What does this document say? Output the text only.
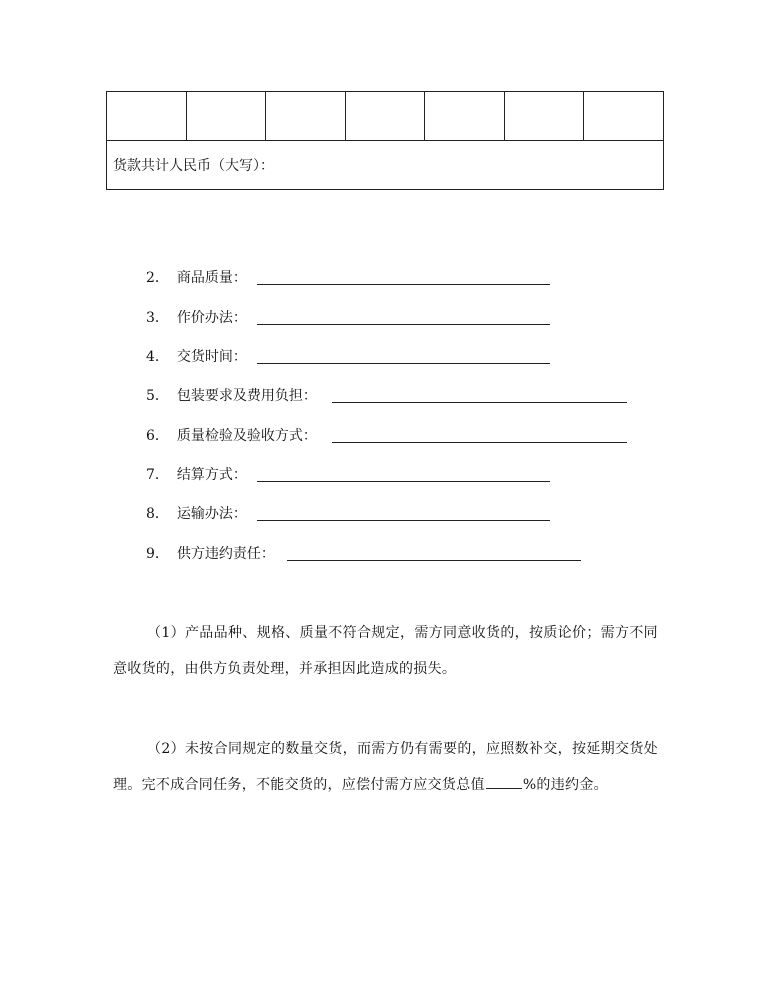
货款共计人民币（大写）：
2． 商品质量：
3． 作价办法：
4． 交货时间：
5． 包装要求及费用负担：
6． 质量检验及验收方式：
7． 结算方式：
8． 运输办法：
9． 供方违约责任：

（1）产品品种、规格、质量不符合规定，需方同意收货的，按质论价；需方不同意收货的，由供方负责处理，并承担因此造成的损失。

（2）未按合同规定的数量交货，而需方仍有需要的，应照数补交，按延期交货处理。完不成合同任务，不能交货的，应偿付需方应交货总值	%的违约金。
